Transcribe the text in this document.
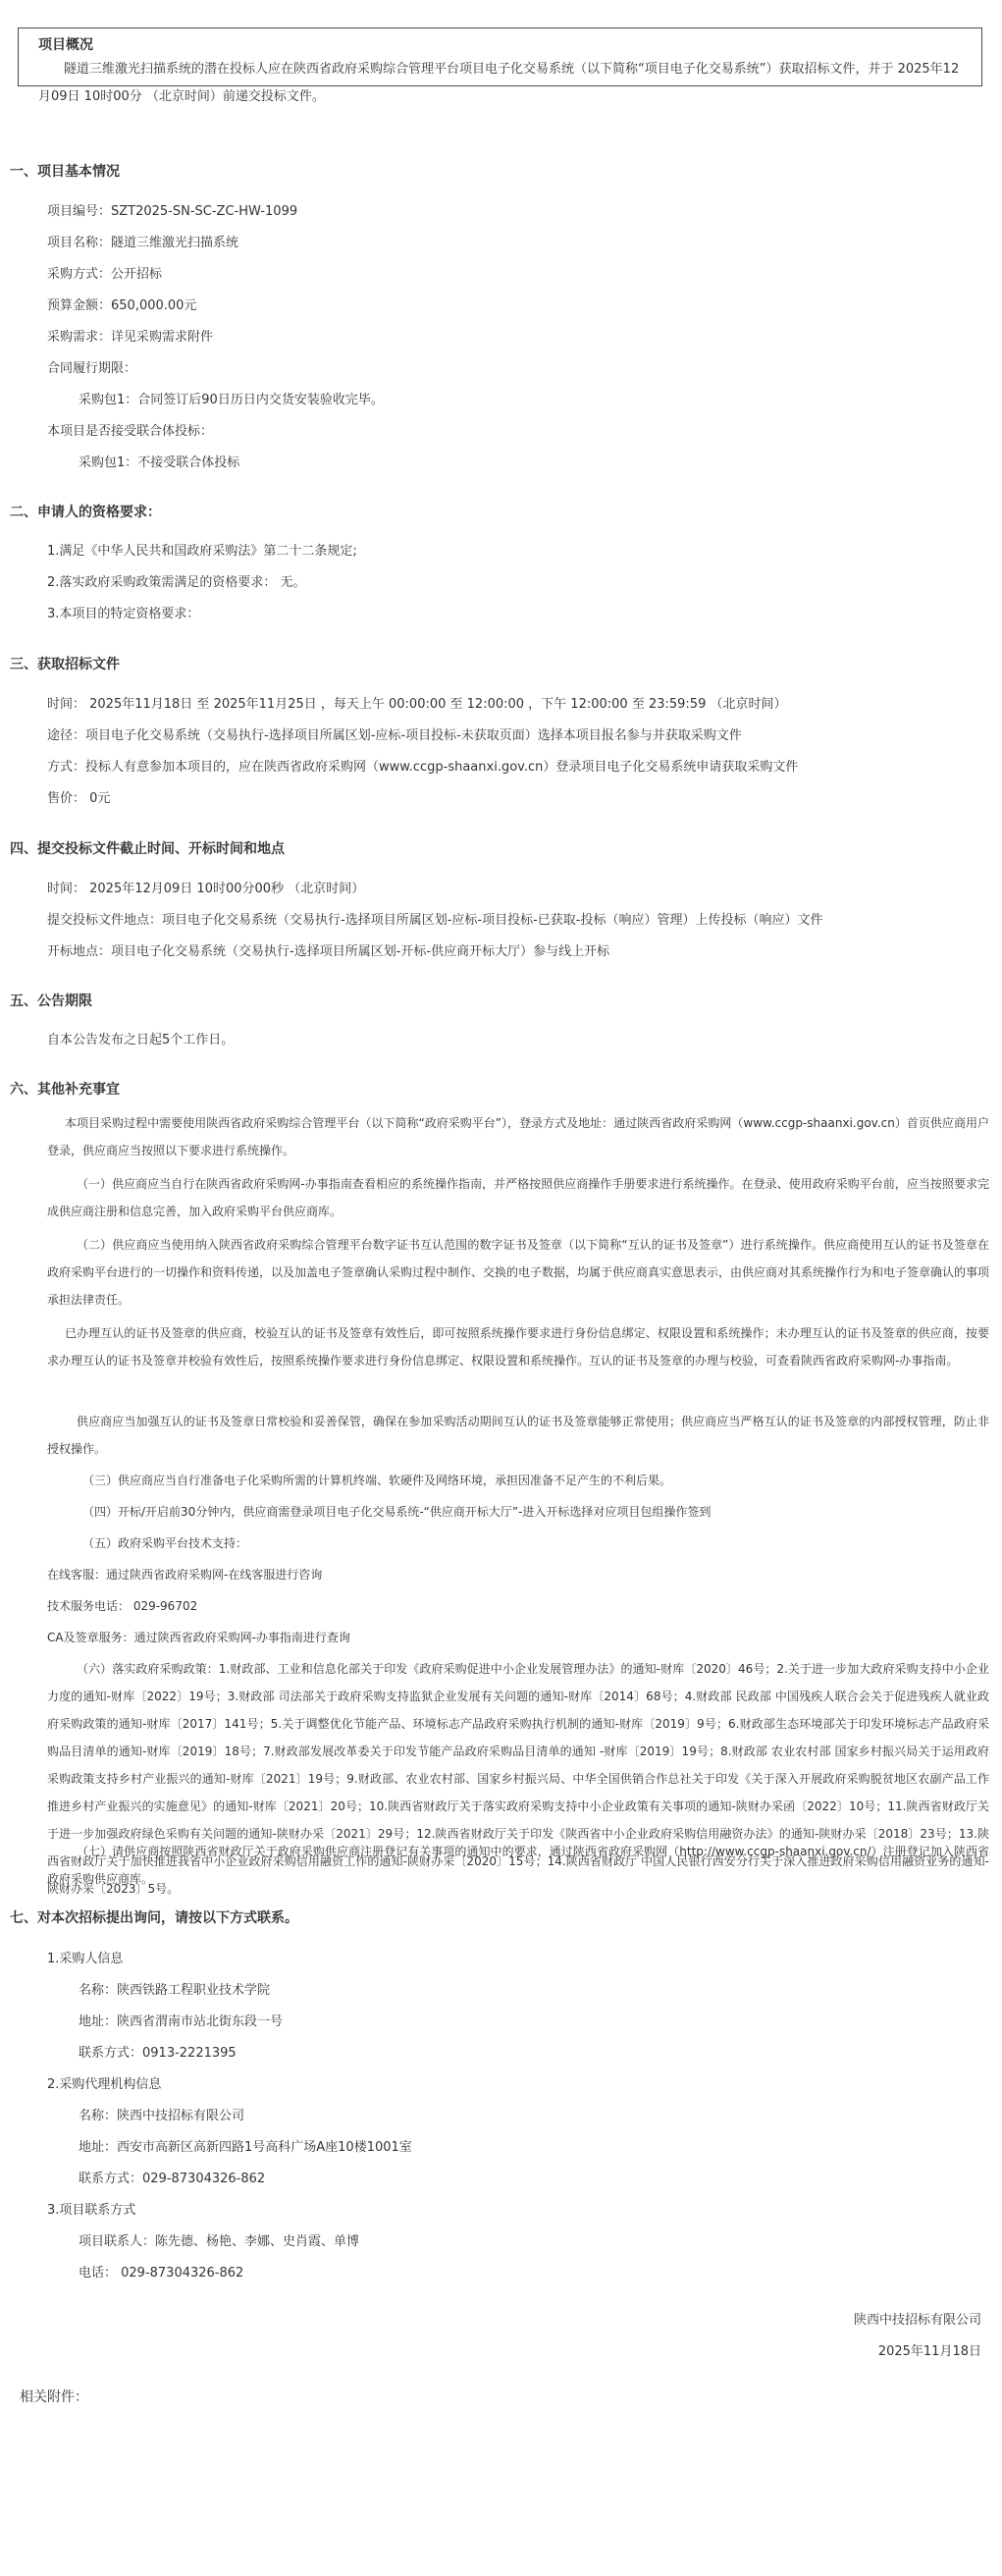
项目概况
隧道三维激光扫描系统的潜在投标人应在陕西省政府采购综合管理平台项目电子化交易系统（以下简称“项目电子化交易系统”）获取招标文件，并于 2025年12月09日 10时00分 （北京时间）前递交投标文件。
一、项目基本情况
项目编号：SZT2025-SN-SC-ZC-HW-1099
项目名称：隧道三维激光扫描系统
采购方式：公开招标
预算金额：650,000.00元
采购需求：详见采购需求附件
合同履行期限：
采购包1：合同签订后90日历日内交货安装验收完毕。
本项目是否接受联合体投标：
采购包1：不接受联合体投标
二、申请人的资格要求：
1.满足《中华人民共和国政府采购法》第二十二条规定;
2.落实政府采购政策需满足的资格要求： 无。
3.本项目的特定资格要求：
三、获取招标文件
时间： 2025年11月18日 至 2025年11月25日 ，每天上午 00:00:00 至 12:00:00 ，下午 12:00:00 至 23:59:59 （北京时间）
途径：项目电子化交易系统（交易执行-选择项目所属区划-应标-项目投标-未获取页面）选择本项目报名参与并获取采购文件
方式：投标人有意参加本项目的，应在陕西省政府采购网（www.ccgp-shaanxi.gov.cn）登录项目电子化交易系统申请获取采购文件
售价： 0元
四、提交投标文件截止时间、开标时间和地点
时间： 2025年12月09日 10时00分00秒 （北京时间）
提交投标文件地点：项目电子化交易系统（交易执行-选择项目所属区划-应标-项目投标-已获取-投标（响应）管理）上传投标（响应）文件
开标地点：项目电子化交易系统（交易执行-选择项目所属区划-开标-供应商开标大厅）参与线上开标
五、公告期限
自本公告发布之日起5个工作日。
六、其他补充事宜
本项目采购过程中需要使用陕西省政府采购综合管理平台（以下简称“政府采购平台”），登录方式及地址：通过陕西省政府采购网（www.ccgp-shaanxi.gov.cn）首页供应商用户登录，供应商应当按照以下要求进行系统操作。
（一）供应商应当自行在陕西省政府采购网-办事指南查看相应的系统操作指南，并严格按照供应商操作手册要求进行系统操作。在登录、使用政府采购平台前，应当按照要求完成供应商注册和信息完善，加入政府采购平台供应商库。
（二）供应商应当使用纳入陕西省政府采购综合管理平台数字证书互认范围的数字证书及签章（以下简称“互认的证书及签章”）进行系统操作。供应商使用互认的证书及签章在政府采购平台进行的一切操作和资料传递，以及加盖电子签章确认采购过程中制作、交换的电子数据，均属于供应商真实意思表示，由供应商对其系统操作行为和电子签章确认的事项承担法律责任。
已办理互认的证书及签章的供应商，校验互认的证书及签章有效性后，即可按照系统操作要求进行身份信息绑定、权限设置和系统操作；未办理互认的证书及签章的供应商，按要求办理互认的证书及签章并校验有效性后，按照系统操作要求进行身份信息绑定、权限设置和系统操作。互认的证书及签章的办理与校验，可查看陕西省政府采购网-办事指南。
供应商应当加强互认的证书及签章日常校验和妥善保管，确保在参加采购活动期间互认的证书及签章能够正常使用；供应商应当严格互认的证书及签章的内部授权管理，防止非授权操作。
（三）供应商应当自行准备电子化采购所需的计算机终端、软硬件及网络环境，承担因准备不足产生的不利后果。
（四）开标/开启前30分钟内，供应商需登录项目电子化交易系统-“供应商开标大厅”-进入开标选择对应项目包组操作签到
（五）政府采购平台技术支持：
在线客服：通过陕西省政府采购网-在线客服进行咨询
技术服务电话： 029-96702
CA及签章服务：通过陕西省政府采购网-办事指南进行查询
（六）落实政府采购政策：1.财政部、工业和信息化部关于印发《政府采购促进中小企业发展管理办法》的通知-财库〔2020〕46号；2.关于进一步加大政府采购支持中小企业力度的通知-财库〔2022〕19号；3.财政部 司法部关于政府采购支持监狱企业发展有关问题的通知-财库〔2014〕68号；4.财政部 民政部 中国残疾人联合会关于促进残疾人就业政府采购政策的通知-财库〔2017〕141号；5.关于调整优化节能产品、环境标志产品政府采购执行机制的通知-财库〔2019〕9号；6.财政部生态环境部关于印发环境标志产品政府采购品目清单的通知-财库〔2019〕18号；7.财政部发展改革委关于印发节能产品政府采购品目清单的通知 -财库〔2019〕19号；8.财政部 农业农村部 国家乡村振兴局关于运用政府采购政策支持乡村产业振兴的通知-财库〔2021〕19号；9.财政部、农业农村部、国家乡村振兴局、中华全国供销合作总社关于印发《关于深入开展政府采购脱贫地区农副产品工作推进乡村产业振兴的实施意见》的通知-财库〔2021〕20号；10.陕西省财政厅关于落实政府采购支持中小企业政策有关事项的通知-陕财办采函〔2022〕10号；11.陕西省财政厅关于进一步加强政府绿色采购有关问题的通知-陕财办采〔2021〕29号；12.陕西省财政厅关于印发《陕西省中小企业政府采购信用融资办法》的通知-陕财办采〔2018〕23号；13.陕西省财政厅关于加快推进我省中小企业政府采购信用融资工作的通知-陕财办采〔2020〕15号；14.陕西省财政厅 中国人民银行西安分行关于深入推进政府采购信用融资业务的通知-陕财办采〔2023〕5号。
（七）请供应商按照陕西省财政厅关于政府采购供应商注册登记有关事项的通知中的要求，通过陕西省政府采购网（http://www.ccgp-shaanxi.gov.cn/）注册登记加入陕西省政府采购供应商库。
七、对本次招标提出询问，请按以下方式联系。
1.采购人信息
名称：陕西铁路工程职业技术学院
地址：陕西省渭南市站北街东段一号
联系方式：0913-2221395
2.采购代理机构信息
名称：陕西中技招标有限公司
地址：西安市高新区高新四路1号高科广场A座10楼1001室
联系方式：029-87304326-862
3.项目联系方式
项目联系人：陈先德、杨艳、李娜、史肖霞、单博
电话： 029-87304326-862
陕西中技招标有限公司
2025年11月18日
相关附件：
